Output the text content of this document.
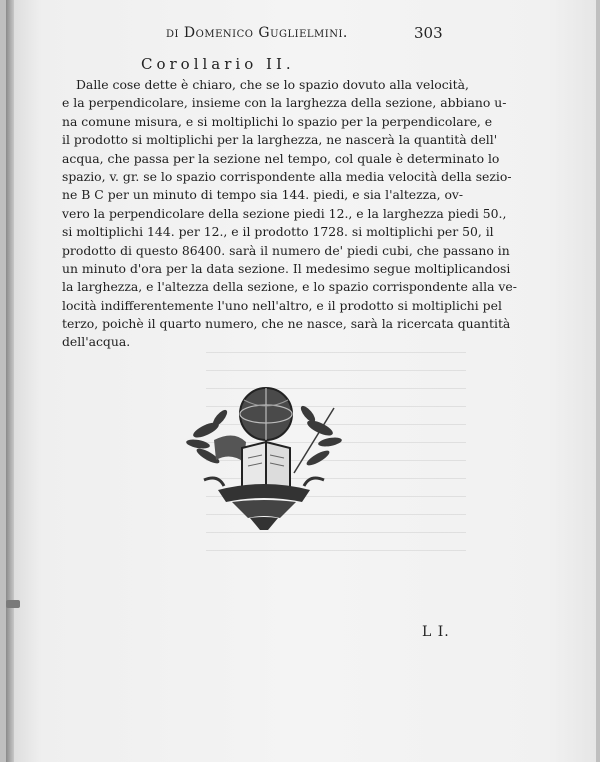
di Domenico Guglielmini.	303
Corollario II.
Dalle cose dette è chiaro, che se lo spazio dovuto alla velocità,
e la perpendicolare, insieme con la larghezza della sezione, abbiano u-
na comune misura, e si moltiplichi lo spazio per la perpendicolare, e
il prodotto si moltiplichi per la larghezza, ne nascerà la quantità dell'
acqua, che passa per la sezione nel tempo, col quale è determinato lo
spazio, v. gr. se lo spazio corrispondente alla media velocità della sezio-
ne B C per un minuto di tempo sia 144. piedi, e sia l'altezza, ov-
vero la perpendicolare della sezione piedi 12., e la larghezza piedi 50.,
si moltiplichi 144. per 12., e il prodotto 1728. si moltiplichi per 50, il
prodotto di questo 86400. sarà il numero de' piedi cubi, che passano in
un minuto d'ora per la data sezione. Il medesimo segue moltiplicandosi
la larghezza, e l'altezza della sezione, e lo spazio corrispondente alla ve-
locità indifferentemente l'uno nell'altro, e il prodotto si moltiplichi pel
terzo, poichè il quarto numero, che ne nasce, sarà la ricercata quantità
dell'acqua.
L I.
